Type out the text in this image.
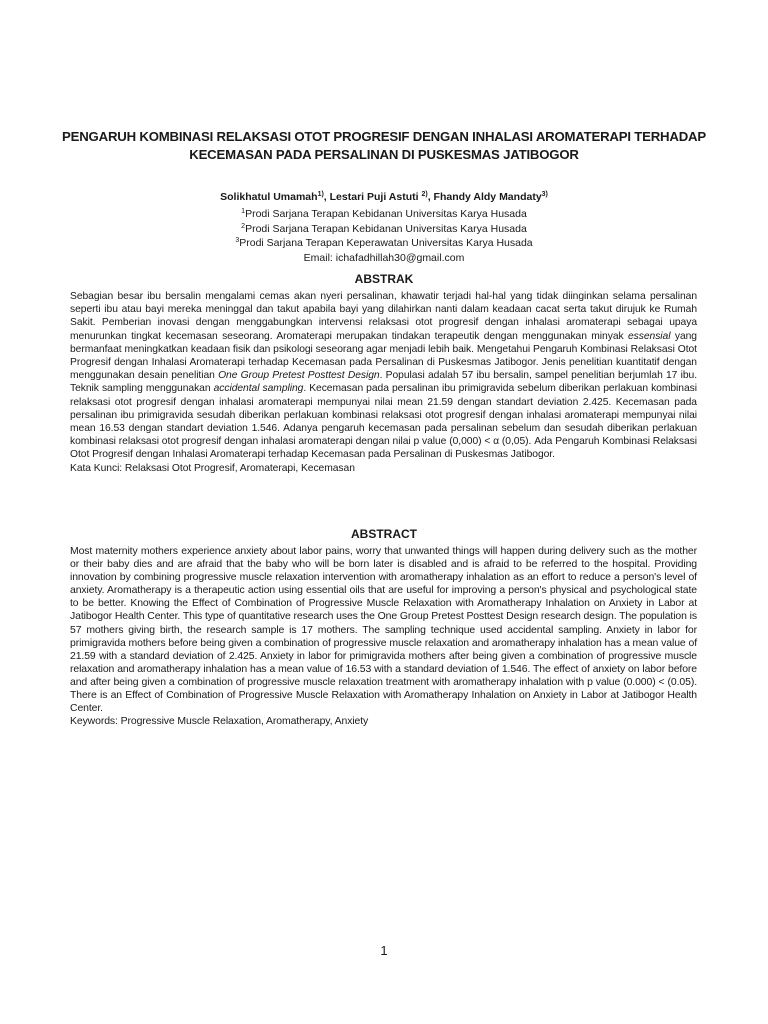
PENGARUH KOMBINASI RELAKSASI OTOT PROGRESIF DENGAN INHALASI AROMATERAPI TERHADAP
KECEMASAN PADA PERSALINAN DI PUSKESMAS JATIBOGOR
Solikhatul Umamah$^{1)}$, Lestari Puji Astuti $^{2)}$, Fhandy Aldy Mandaty$^{3)}$
$^1$Prodi Sarjana Terapan Kebidanan Universitas Karya Husada
$^2$Prodi Sarjana Terapan Kebidanan Universitas Karya Husada
$^3$Prodi Sarjana Terapan Keperawatan Universitas Karya Husada
Email: ichafadhillah30@gmail.com
ABSTRAK
Sebagian besar ibu bersalin mengalami cemas akan nyeri persalinan, khawatir terjadi hal-hal yang tidak diinginkan selama persalinan seperti ibu atau bayi mereka meninggal dan takut apabila bayi yang dilahirkan nanti dalam keadaan cacat serta takut dirujuk ke Rumah Sakit. Pemberian inovasi dengan menggabungkan intervensi relaksasi otot progresif dengan inhalasi aromaterapi sebagai upaya menurunkan tingkat kecemasan seseorang. Aromaterapi merupakan tindakan terapeutik dengan menggunakan minyak essensial yang bermanfaat meningkatkan keadaan fisik dan psikologi seseorang agar menjadi lebih baik. Mengetahui Pengaruh Kombinasi Relaksasi Otot Progresif dengan Inhalasi Aromaterapi terhadap Kecemasan pada Persalinan di Puskesmas Jatibogor. Jenis penelitian kuantitatif dengan menggunakan desain penelitian One Group Pretest Posttest Design. Populasi adalah 57 ibu bersalin, sampel penelitian berjumlah 17 ibu. Teknik sampling menggunakan accidental sampling. Kecemasan pada persalinan ibu primigravida sebelum diberikan perlakuan kombinasi relaksasi otot progresif dengan inhalasi aromaterapi mempunyai nilai mean 21.59 dengan standart deviation 2.425. Kecemasan pada persalinan ibu primigravida sesudah diberikan perlakuan kombinasi relaksasi otot progresif dengan inhalasi aromaterapi mempunyai nilai mean 16.53 dengan standart deviation 1.546. Adanya pengaruh kecemasan pada persalinan sebelum dan sesudah diberikan perlakuan kombinasi relaksasi otot progresif dengan inhalasi aromaterapi dengan nilai p value (0,000) < α (0,05). Ada Pengaruh Kombinasi Relaksasi Otot Progresif dengan Inhalasi Aromaterapi terhadap Kecemasan pada Persalinan di Puskesmas Jatibogor.
Kata Kunci: Relaksasi Otot Progresif, Aromaterapi, Kecemasan
ABSTRACT
Most maternity mothers experience anxiety about labor pains, worry that unwanted things will happen during delivery such as the mother or their baby dies and are afraid that the baby who will be born later is disabled and is afraid to be referred to the hospital. Providing innovation by combining progressive muscle relaxation intervention with aromatherapy inhalation as an effort to reduce a person's level of anxiety. Aromatherapy is a therapeutic action using essential oils that are useful for improving a person's physical and psychological state to be better. Knowing the Effect of Combination of Progressive Muscle Relaxation with Aromatherapy Inhalation on Anxiety in Labor at Jatibogor Health Center. This type of quantitative research uses the One Group Pretest Posttest Design research design. The population is 57 mothers giving birth, the research sample is 17 mothers. The sampling technique used accidental sampling. Anxiety in labor for primigravida mothers before being given a combination of progressive muscle relaxation and aromatherapy inhalation has a mean value of 21.59 with a standard deviation of 2.425. Anxiety in labor for primigravida mothers after being given a combination of progressive muscle relaxation and aromatherapy inhalation has a mean value of 16.53 with a standard deviation of 1.546. The effect of anxiety on labor before and after being given a combination of progressive muscle relaxation treatment with aromatherapy inhalation with p value (0.000) < (0.05). There is an Effect of Combination of Progressive Muscle Relaxation with Aromatherapy Inhalation on Anxiety in Labor at Jatibogor Health Center.
Keywords: Progressive Muscle Relaxation, Aromatherapy, Anxiety
1
